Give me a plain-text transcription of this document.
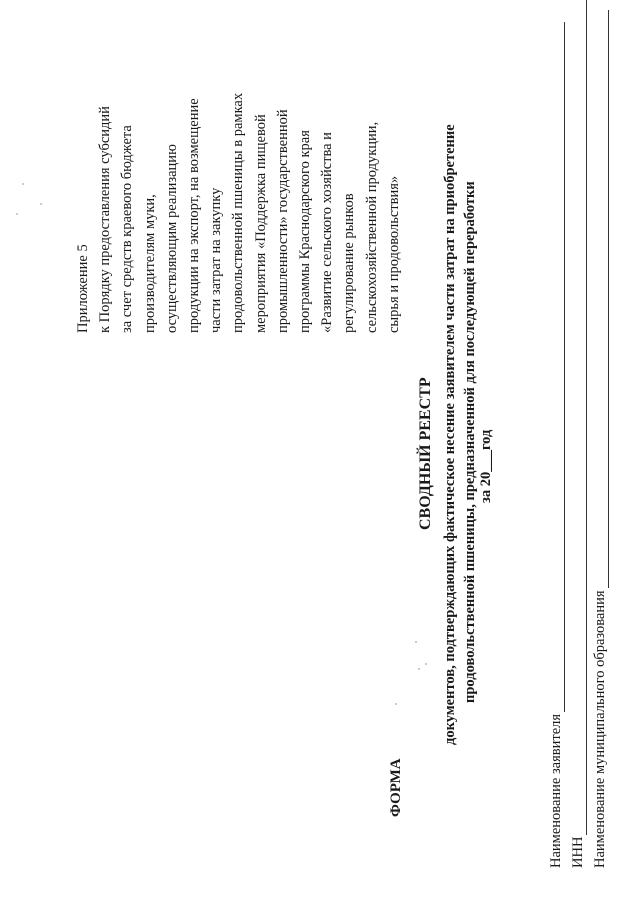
Приложение 5 к Порядку предоставления субсидий за счет средств краевого бюджета производителям муки, осуществляющим реализацию продукции на экспорт, на возмещение части затрат на закупку продовольственной пшеницы в рамках мероприятия «Поддержка пищевой промышленности» государственной программы Краснодарского края «Развитие сельского хозяйства и регулирование рынков сельскохозяйственной продукции, сырья и продовольствия»
ФОРМА
СВОДНЫЙ РЕЕСТР документов, подтверждающих фактическое несение заявителем части затрат на приобретение продовольственной пшеницы, предназначенной для последующей переработки за 20___год
Наименование заявителя ИНН Наименование муниципального образования
